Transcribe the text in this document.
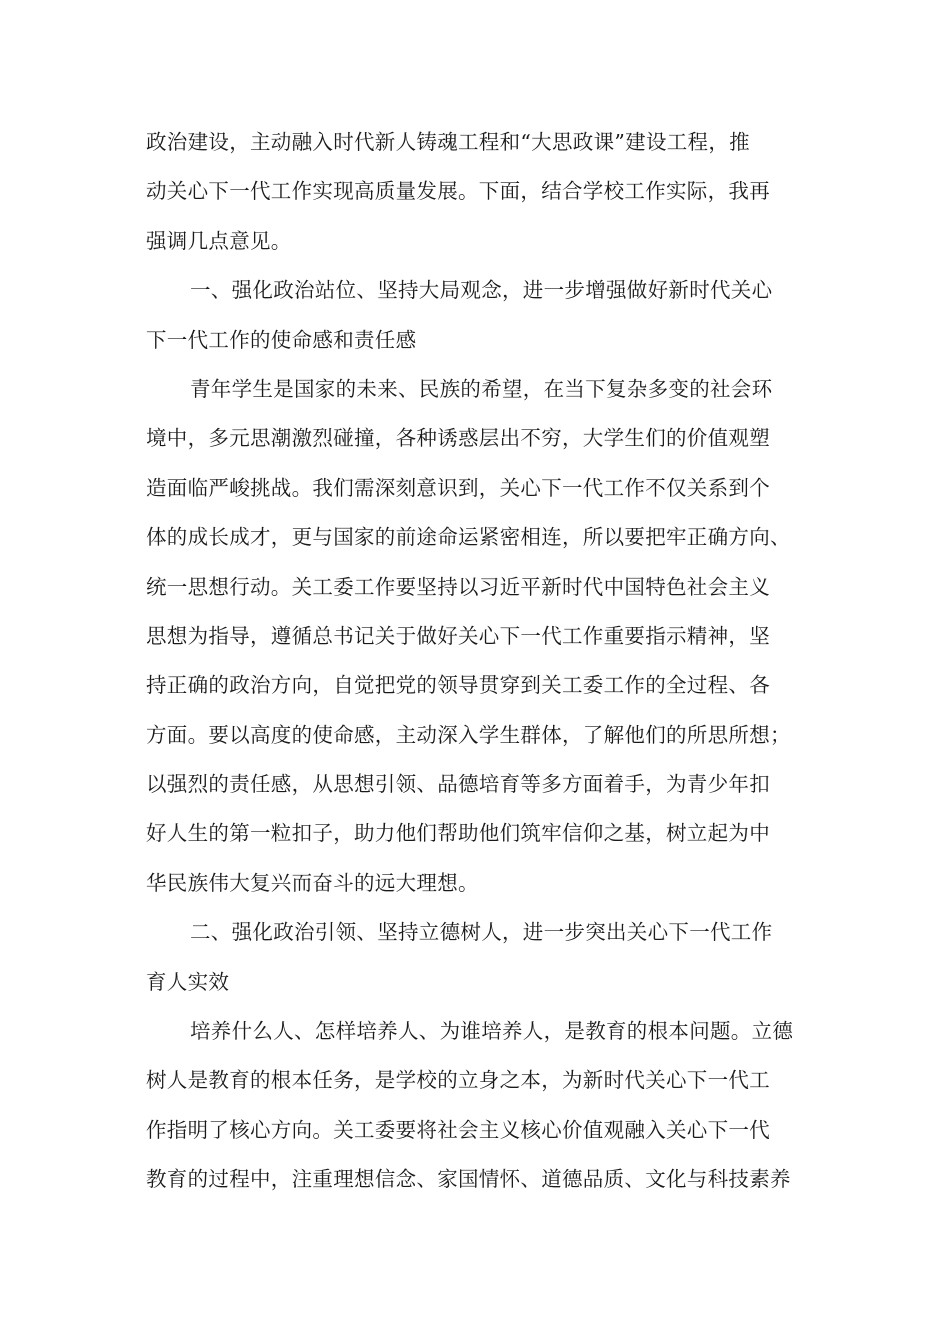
政治建设，主动融入时代新人铸魂工程和“大思政课”建设工程，推
动关心下一代工作实现高质量发展。下面，结合学校工作实际，我再
强调几点意见。
一、强化政治站位、坚持大局观念，进一步增强做好新时代关心
下一代工作的使命感和责任感
青年学生是国家的未来、民族的希望，在当下复杂多变的社会环
境中，多元思潮激烈碰撞，各种诱惑层出不穷，大学生们的价值观塑
造面临严峻挑战。我们需深刻意识到，关心下一代工作不仅关系到个
体的成长成才，更与国家的前途命运紧密相连，所以要把牢正确方向、
统一思想行动。关工委工作要坚持以习近平新时代中国特色社会主义
思想为指导，遵循总书记关于做好关心下一代工作重要指示精神，坚
持正确的政治方向，自觉把党的领导贯穿到关工委工作的全过程、各
方面。要以高度的使命感，主动深入学生群体，了解他们的所思所想；
以强烈的责任感，从思想引领、品德培育等多方面着手，为青少年扣
好人生的第一粒扣子，助力他们帮助他们筑牢信仰之基，树立起为中
华民族伟大复兴而奋斗的远大理想。
二、强化政治引领、坚持立德树人，进一步突出关心下一代工作
育人实效
培养什么人、怎样培养人、为谁培养人，是教育的根本问题。立德
树人是教育的根本任务，是学校的立身之本，为新时代关心下一代工
作指明了核心方向。关工委要将社会主义核心价值观融入关心下一代
教育的过程中，注重理想信念、家国情怀、道德品质、文化与科技素养
